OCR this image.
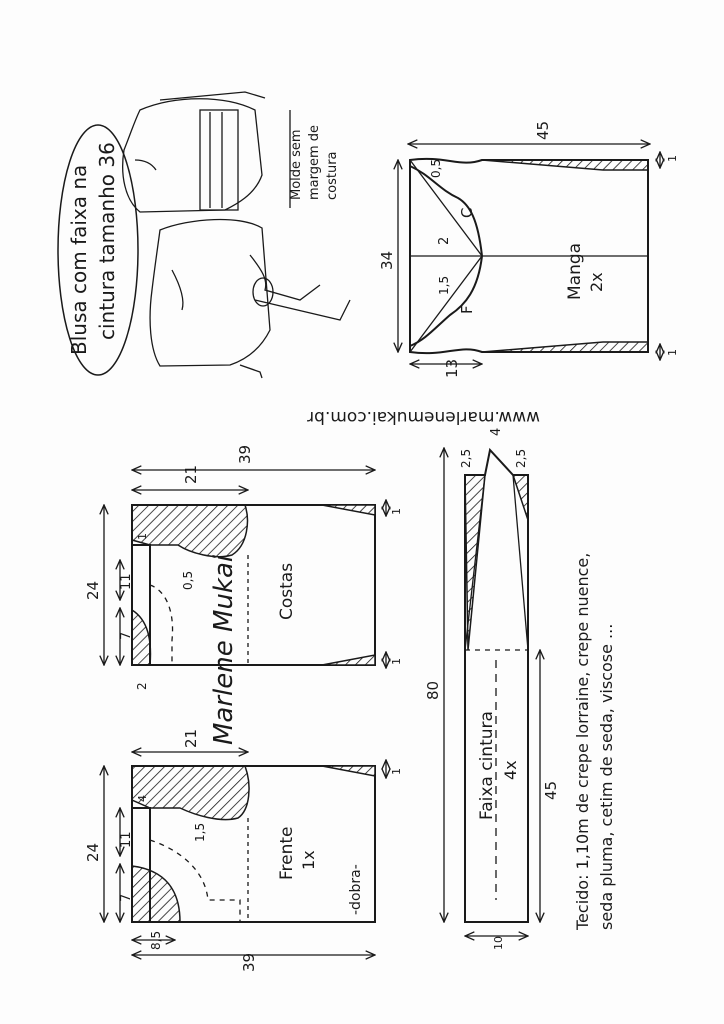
Blusa com faixa na cintura tamanho 36	Molde sem margem de costura
45
34
13
0,5
2
1,5
C
F
1
1
Manga 2x
www.marlenemukai.com.br
39
21
24 11
7
0,5
2
1
1
1
Costas
Marlene Mukai
21
39
24
11
7
1,5
8,5
4
1
Frente 1x
-dobra-
80
45
4
2,5	2,5
10
Faixa cintura 4x	Tecido: 1,10m de crepe lorraine, crepe nuence, seda pluma, cetim de seda, viscose ...
